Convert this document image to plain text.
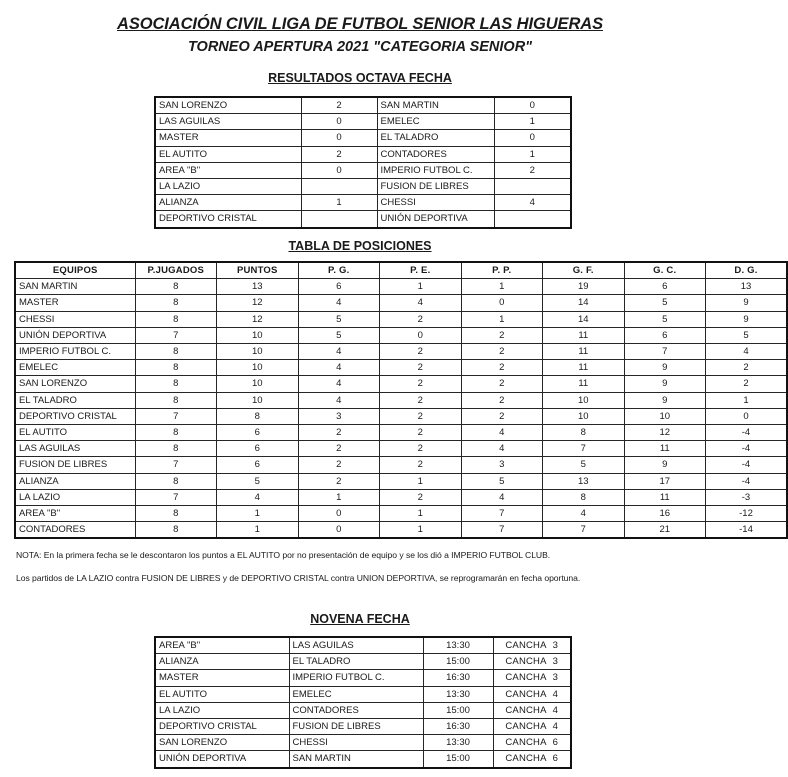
ASOCIACIÓN CIVIL LIGA DE FUTBOL SENIOR LAS HIGUERAS
TORNEO APERTURA 2021 "CATEGORIA SENIOR"
RESULTADOS OCTAVA FECHA
SAN LORENZO	2	SAN MARTIN	0
LAS AGUILAS	0	EMELEC	1
MASTER	0	EL TALADRO	0
EL AUTITO	2	CONTADORES	1
AREA "B"	0	IMPERIO FUTBOL C.	2
LA LAZIO		FUSION DE LIBRES	
ALIANZA	1	CHESSI	4
DEPORTIVO CRISTAL		UNIÓN DEPORTIVA	
TABLA DE POSICIONES
EQUIPOS	P.JUGADOS	PUNTOS	P. G.	P. E.	P. P.	G. F.	G. C.	D. G.
SAN MARTIN	8	13	6	1	1	19	6	13
MASTER	8	12	4	4	0	14	5	9
CHESSI	8	12	5	2	1	14	5	9
UNIÓN DEPORTIVA	7	10	5	0	2	11	6	5
IMPERIO FUTBOL C.	8	10	4	2	2	11	7	4
EMELEC	8	10	4	2	2	11	9	2
SAN LORENZO	8	10	4	2	2	11	9	2
EL TALADRO	8	10	4	2	2	10	9	1
DEPORTIVO CRISTAL	7	8	3	2	2	10	10	0
EL AUTITO	8	6	2	2	4	8	12	-4
LAS AGUILAS	8	6	2	2	4	7	11	-4
FUSION DE LIBRES	7	6	2	2	3	5	9	-4
ALIANZA	8	5	2	1	5	13	17	-4
LA LAZIO	7	4	1	2	4	8	11	-3
AREA "B"	8	1	0	1	7	4	16	-12
CONTADORES	8	1	0	1	7	7	21	-14
NOTA: En la primera fecha se le descontaron los puntos a EL AUTITO por no presentación de equipo y se los dió a IMPERIO FUTBOL CLUB.
Los partidos de LA LAZIO contra FUSION DE LIBRES y de DEPORTIVO CRISTAL contra UNION DEPORTIVA, se reprogramarán en fecha oportuna.
NOVENA FECHA
AREA "B"	LAS AGUILAS	13:30	CANCHA 3
ALIANZA	EL TALADRO	15:00	CANCHA 3
MASTER	IMPERIO FUTBOL C.	16:30	CANCHA 3
EL AUTITO	EMELEC	13:30	CANCHA 4
LA LAZIO	CONTADORES	15:00	CANCHA 4
DEPORTIVO CRISTAL	FUSION DE LIBRES	16:30	CANCHA 4
SAN LORENZO	CHESSI	13:30	CANCHA 6
UNIÓN DEPORTIVA	SAN MARTIN	15:00	CANCHA 6
